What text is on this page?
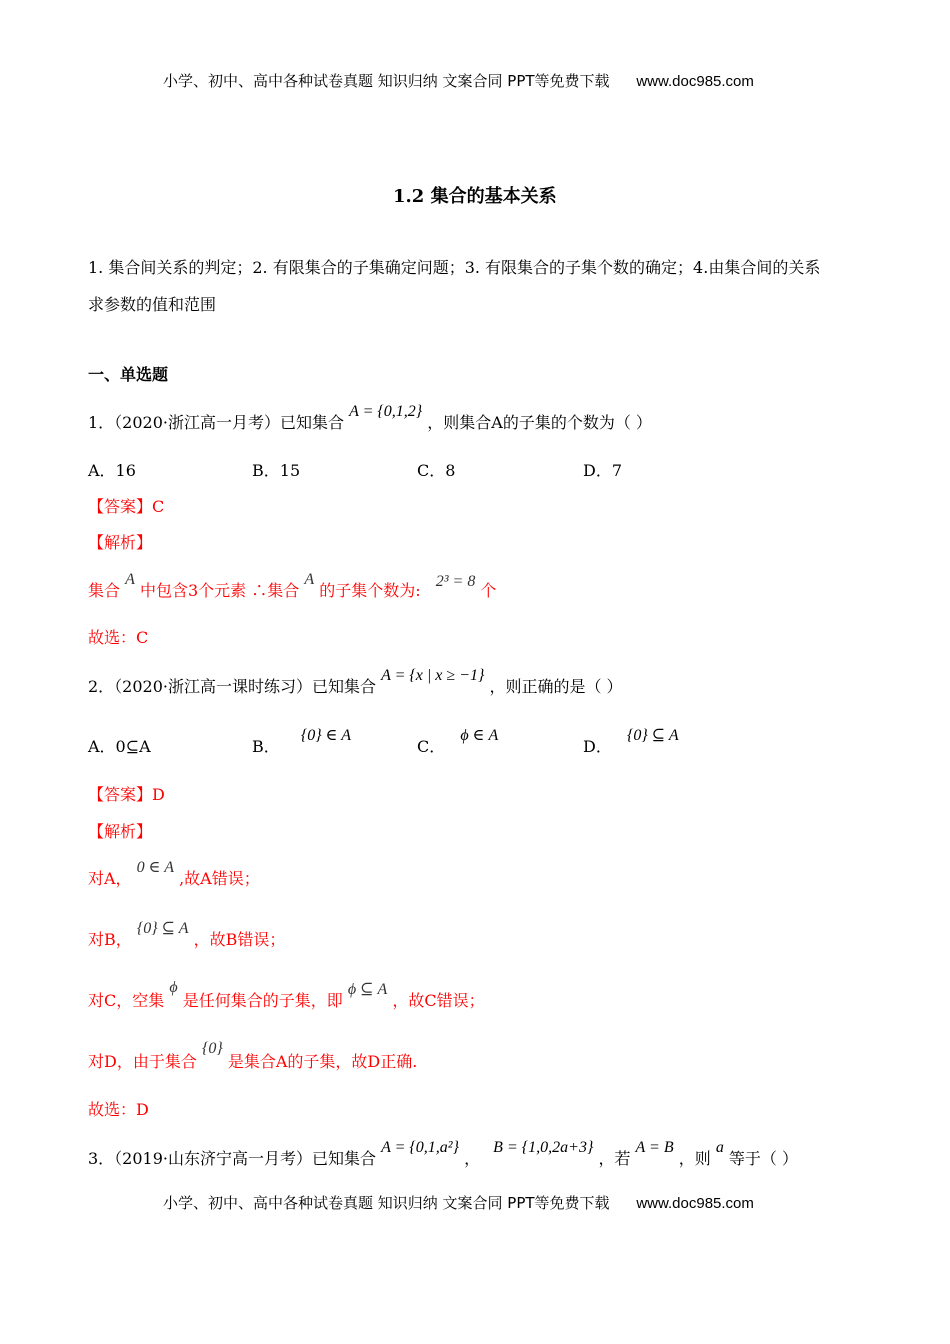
小学、初中、高中各种试卷真题 知识归纳 文案合同 PPT等免费下载 www.doc985.com
1.2 集合的基本关系
1. 集合间关系的判定；2. 有限集合的子集确定问题；3. 有限集合的子集个数的确定；4.由集合间的关系
求参数的值和范围
一、单选题
1．（2020·浙江高一月考）已知集合 A = {0,1,2} ，则集合A的子集的个数为（ ）
A．16	B．15	C．8	D．7
【答案】C
【解析】
集合 A 中包含3个元素 ∴集合 A 的子集个数为: 2³ = 8 个
故选：C
2．（2020·浙江高一课时练习）已知集合 A = {x | x ≥ −1} ，则正确的是（ ）
A．0⊆A	B． {0} ∈ A
C． ϕ ∈ A
D． {0} ⊆ A
【答案】D
【解析】
对A， 0 ∈ A ,故A错误；
对B， {0} ⊆ A ，故B错误；
对C，空集 ϕ 是任何集合的子集，即 ϕ ⊆ A ，故C错误；
对D，由于集合 {0} 是集合A的子集，故D正确.
故选：D
3．（2019·山东济宁高一月考）已知集合 A = {0,1,a²} ， B = {1,0,2a+3} ，若 A = B ，则 a 等于（ ）
小学、初中、高中各种试卷真题 知识归纳 文案合同 PPT等免费下载 www.doc985.com
